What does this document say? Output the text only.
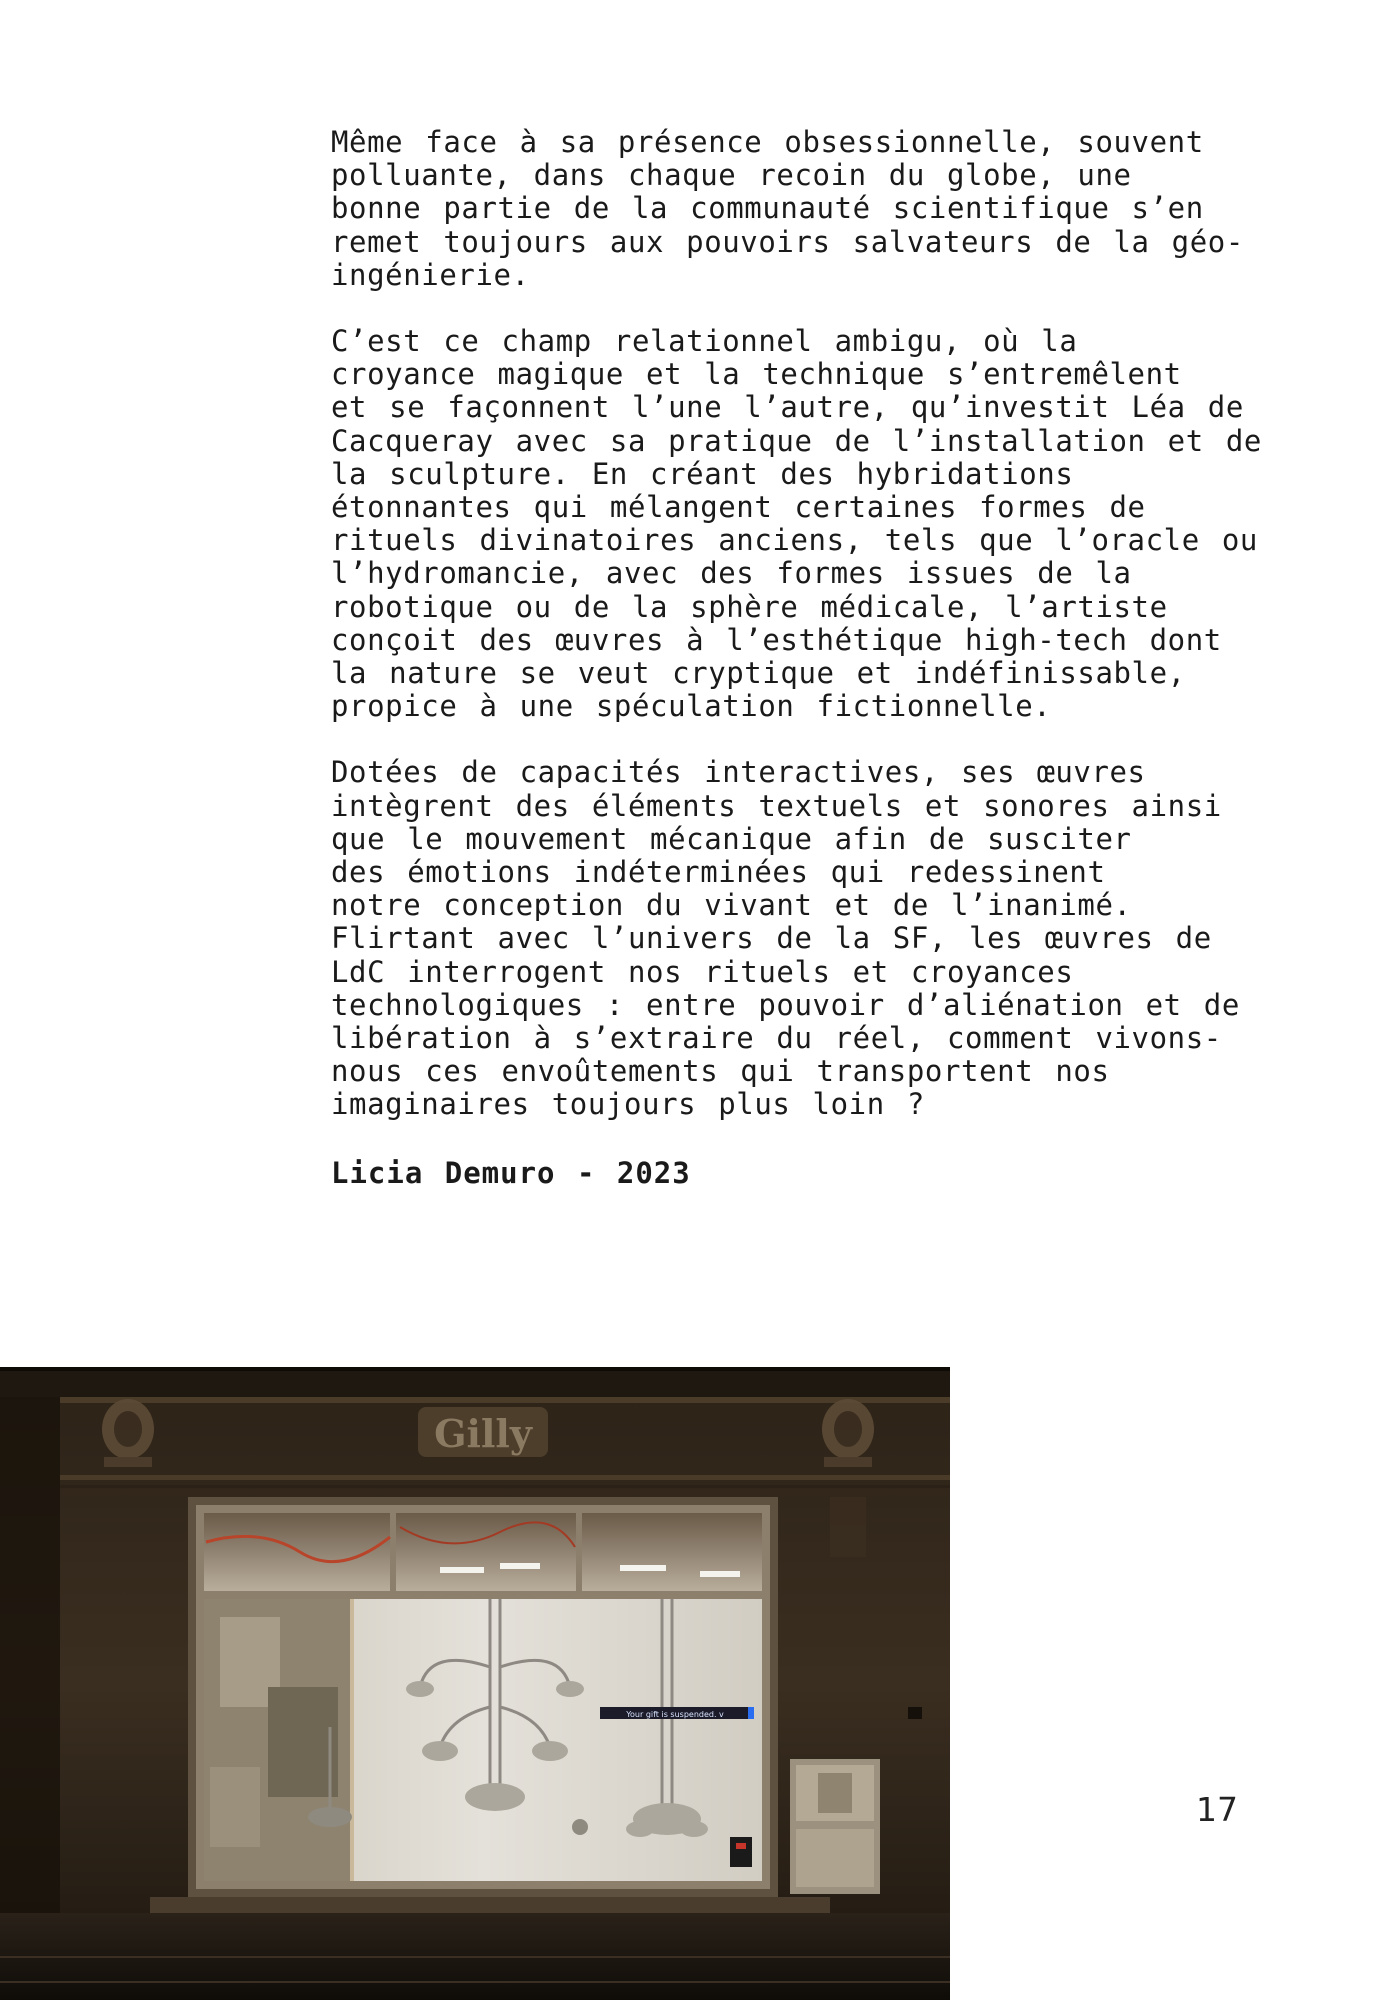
Même face à sa présence obsessionnelle, souvent
polluante, dans chaque recoin du globe, une
bonne partie de la communauté scientifique s’en
remet toujours aux pouvoirs salvateurs de la géo-
ingénierie.

C’est ce champ relationnel ambigu, où la
croyance magique et la technique s’entremêlent
et se façonnent l’une l’autre, qu’investit Léa de
Cacqueray avec sa pratique de l’installation et de
la sculpture. En créant des hybridations
étonnantes qui mélangent certaines formes de
rituels divinatoires anciens, tels que l’oracle ou
l’hydromancie, avec des formes issues de la
robotique ou de la sphère médicale, l’artiste
conçoit des œuvres à l’esthétique high-tech dont
la nature se veut cryptique et indéfinissable,
propice à une spéculation fictionnelle.

Dotées de capacités interactives, ses œuvres
intègrent des éléments textuels et sonores ainsi
que le mouvement mécanique afin de susciter
des émotions indéterminées qui redessinent
notre conception du vivant et de l’inanimé.
Flirtant avec l’univers de la SF, les œuvres de
LdC interrogent nos rituels et croyances
technologiques : entre pouvoir d’aliénation et de
libération à s’extraire du réel, comment vivons-
nous ces envoûtements qui transportent nos
imaginaires toujours plus loin ?

Licia Demuro - 2023

Gilly
Your gift is suspended. v
17
